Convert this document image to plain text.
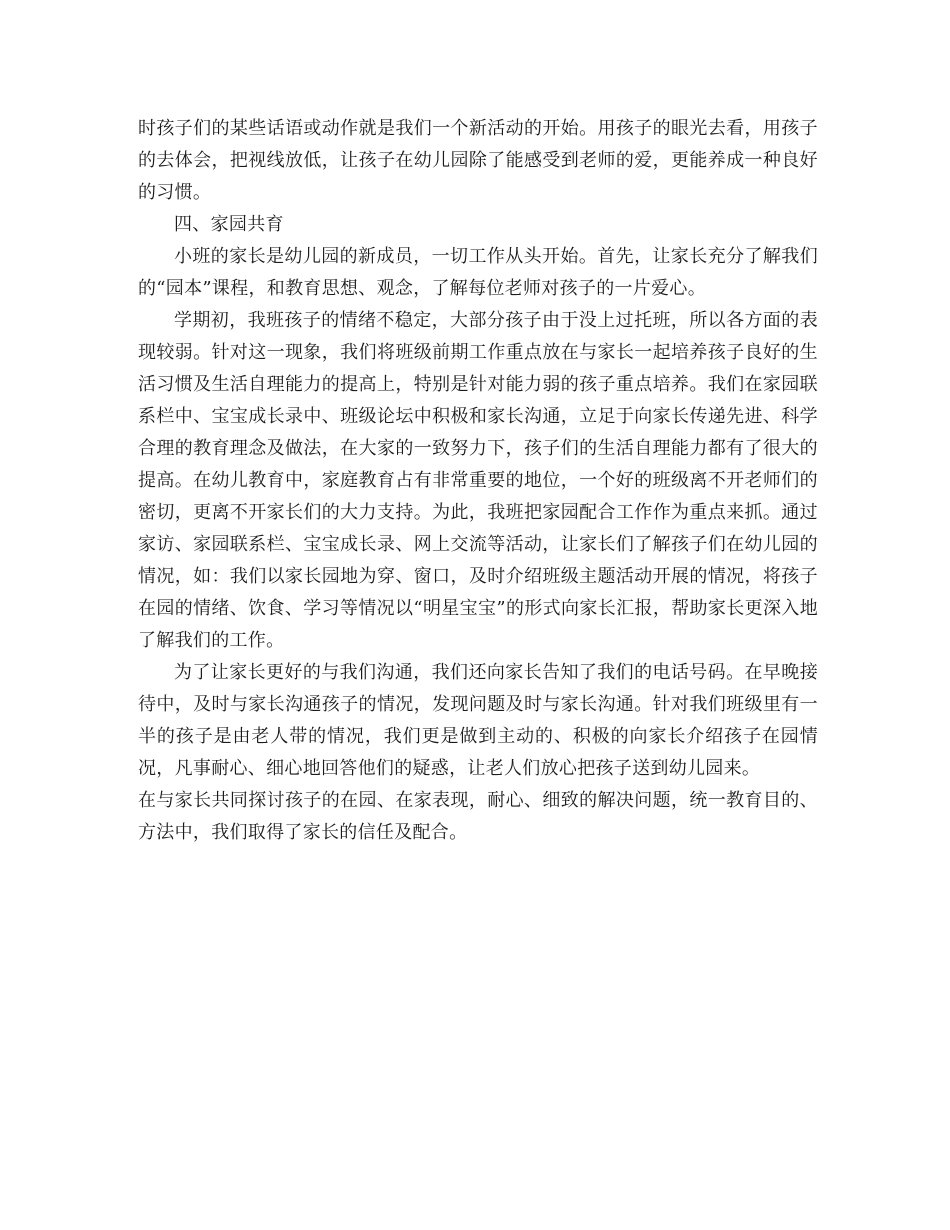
时孩子们的某些话语或动作就是我们一个新活动的开始。用孩子的眼光去看，用孩子的去体会，把视线放低，让孩子在幼儿园除了能感受到老师的爱，更能养成一种良好的习惯。

四、家园共育

小班的家长是幼儿园的新成员，一切工作从头开始。首先，让家长充分了解我们的“园本”课程，和教育思想、观念，了解每位老师对孩子的一片爱心。

学期初，我班孩子的情绪不稳定，大部分孩子由于没上过托班，所以各方面的表现较弱。针对这一现象，我们将班级前期工作重点放在与家长一起培养孩子良好的生活习惯及生活自理能力的提高上，特别是针对能力弱的孩子重点培养。我们在家园联系栏中、宝宝成长录中、班级论坛中积极和家长沟通，立足于向家长传递先进、科学合理的教育理念及做法，在大家的一致努力下，孩子们的生活自理能力都有了很大的提高。在幼儿教育中，家庭教育占有非常重要的地位，一个好的班级离不开老师们的密切，更离不开家长们的大力支持。为此，我班把家园配合工作作为重点来抓。通过家访、家园联系栏、宝宝成长录、网上交流等活动，让家长们了解孩子们在幼儿园的情况，如：我们以家长园地为穿、窗口，及时介绍班级主题活动开展的情况，将孩子在园的情绪、饮食、学习等情况以“明星宝宝”的形式向家长汇报，帮助家长更深入地了解我们的工作。

为了让家长更好的与我们沟通，我们还向家长告知了我们的电话号码。在早晚接待中，及时与家长沟通孩子的情况，发现问题及时与家长沟通。针对我们班级里有一半的孩子是由老人带的情况，我们更是做到主动的、积极的向家长介绍孩子在园情况，凡事耐心、细心地回答他们的疑惑，让老人们放心把孩子送到幼儿园来。

在与家长共同探讨孩子的在园、在家表现，耐心、细致的解决问题，统一教育目的、方法中，我们取得了家长的信任及配合。
